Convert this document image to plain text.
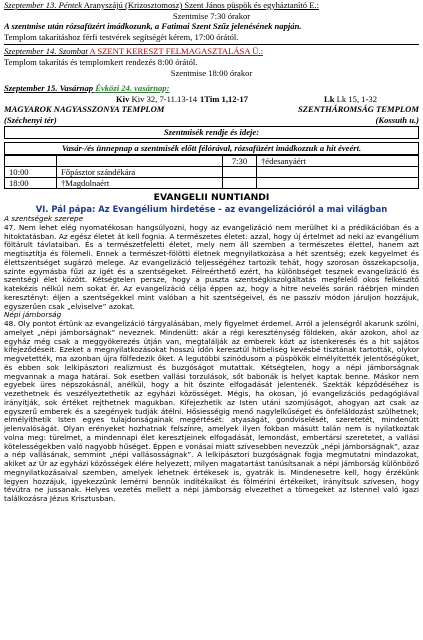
Szeptember 13. Péntek Aranyszájú (Krizosztomosz) Szent János püspök és egyháztanító E.:
Szentmise 7:30 órakor
A szentmise után rózsafüzért imádkozunk, a Fatimai Szent Szűz jelenésének napján.
Templom takarításhoz férfi testvérek segítségét kérem, 17:00 órától.
Szeptember 14. Szombat A SZENT KERESZT FELMAGASZTALÁSA Ü.:
Templom takarítás és templomkert rendezés 8:00 órától.
Szentmise 18:00 órakor
Szeptember 15. Vasárnap Évközi 24. vasárnap:
Kiv Kiv 32, 7-11.13-14 1Tim 1,12-17	Lk Lk 15, 1-32
MAGYAROK NAGYASSZONYA TEMPLOM	SZENTHÁROMSÁG TEMPLOM
(Széchenyi tér)	(Kossuth u.)
Szentmisék rendje és ideje:
Vasár-/és ünnepnap a szentmisék előtt félórával, rózsafüzért imádkozzuk a hit éveért.
		7:30	†édesanyáért
10:00	Főpásztor szándékára		
18:00	†Magdolnaért		
EVANGELII NUNTIANDI
VI. Pál pápa: Az Evangélium hirdetése - az evangelizációról a mai világban

A szentségek szerepe

47. Nem lehet elég nyomatékosan hangsúlyozni, hogy az evangelizáció nem merülhet ki a prédikációban és a hitoktatásban. Az egész életet át kell fognia. A természetes életet: azzal, hogy új értelmet ad neki az evangélium föltárult távlataiban. És a természetfeletti életet, mely nem áll szemben a természetes élettel, hanem azt megtisztítja és fölemeli. Ennek a természet-fölötti életnek megnyilatkozása a hét szentség; ezek kegyelmet és élettszentséget sugárzó melege. Az evangelizáció teljességéhez tartozik tehát, hogy szorosan összekapcsolja, szinte egymásba fűzi az igét és a szentségeket. Félreérthető ezért, ha különbséget tesznek evangelizáció és szentségi élet között. Kétségtelen persze, hogy a puszta szentségkiszolgáltatás megfelelő okos felkészítő katekézis nélkül nem sokat ér. Az evangelizáció célja éppen az, hogy a hitre nevelés során ráébrjen minden keresztényt: éljen a szentségekkel mint valóban a hit szentségeivel, és ne passzív módon járuljon hozzájuk, egyszerűen csak „elviselve” azokat.

Népi jámborság

48. Oly pontot értünk az evangelizáció tárgyalásában, mely figyelmet érdemel. Arról a jelenségről akarunk szólni, amelyet „népi jámborságnak” neveznek. Mindenütt: akár a régi kereszténység földeken, akár azokon, ahol az egyház még csak a meggyökerezés útján van, megtalálják az emberek közt az istenkeresés és a hit sajátos kifejeződéseit. Ezeket a megnyilatkozásokat hosszú időn keresztül hitbeliség kevésbé tisztának tartották, olykor megvetették, ma azonban újra fölfedezik őket. A legutóbbi szinódusom a püspökök elmélyítették jelentőségüket, és ebben sok lelkipásztori realizmust és buzgóságot mutattak. Kétségtelen, hogy a népi jámborságnak megvannak a maga határai. Sok esetben vallási torzulások, sőt babonák is helyet kaptak benne. Máskor nem egyebek üres népszokásnál, anélkül, hogy a hit őszinte elfogadását jelentenék. Szekták képződéséhez is vezethetnek és veszélyeztethetik az egyházi közösséget. Mégis, ha okosan, jó evangelizációs pedagógiával irányítják, sok értéket rejthetnek magukban. Kifejezhetik az Isten utáni szomjúságot, ahogyan azt csak az egyszerű emberek és a szegények tudják átélni. Hősiességig menő nagylelkűséget és önfeláldozást szülhetnek; elmélyíthetik Isten egyes tulajdonságainak megértését: atyaságát, gondviselését, szeretetét, mindenütt jelenvalóságát. Olyan erényeket hozhatnak felszínre, amelyek ilyen fokban másutt talán nem is nyilatkoztak volna meg: türelmet, a mindennapi élet keresztjeinek elfogadását, lemondást, embertársi szeretetet, a vallási kötelességekben való nagyobb hűséget. Éppen e vonásai miatt szívesebben nevezzük „népi jámborságnak”, azaz a nép vallásának, semmint „népi vallásosságnak”. A lelkipásztori buzgóságnak fogja megmutatni mindazokat, akiket az Úr az egyházi közösségek élére helyezett, milyen magatartást tanúsítsanak a népi jámborság különböző megnyilatkozásaival szemben, amelyek lehetnek értékesek is, gyatrák is. Mindenesetre kell, hogy érzékünk legyen hozzájuk, igyekezzünk lemérni bennük indítékaikat és fölméríni értékeiket, irányítsuk szívesen, hogy tévútra ne jussanak. Helyes vezetés mellett a népi jámborság elvezethet a tömegeket az Istennel való igazi találkozásra Jézus Krisztusban.
